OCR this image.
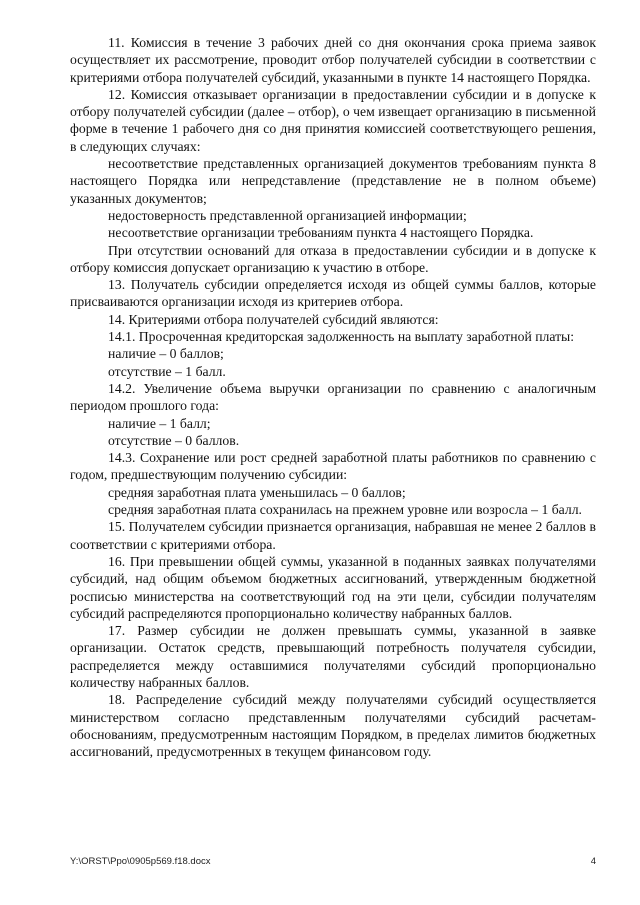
11. Комиссия в течение 3 рабочих дней со дня окончания срока приема заявок осуществляет их рассмотрение, проводит отбор получателей субсидии в соответствии с критериями отбора получателей субсидий, указанными в пункте 14 настоящего Порядка.

12. Комиссия отказывает организации в предоставлении субсидии и в допуске к отбору получателей субсидии (далее – отбор), о чем извещает организацию в письменной форме в течение 1 рабочего дня со дня принятия комиссией соответствующего решения, в следующих случаях:

несоответствие представленных организацией документов требованиям пункта 8 настоящего Порядка или непредставление (представление не в полном объеме) указанных документов;

недостоверность представленной организацией информации;

несоответствие организации требованиям пункта 4 настоящего Порядка.

При отсутствии оснований для отказа в предоставлении субсидии и в допуске к отбору комиссия допускает организацию к участию в отборе.

13. Получатель субсидии определяется исходя из общей суммы баллов, которые присваиваются организации исходя из критериев отбора.

14. Критериями отбора получателей субсидий являются:

14.1. Просроченная кредиторская задолженность на выплату заработной платы:

наличие – 0 баллов;

отсутствие – 1 балл.

14.2. Увеличение объема выручки организации по сравнению с аналогичным периодом прошлого года:

наличие – 1 балл;

отсутствие – 0 баллов.

14.3. Сохранение или рост средней заработной платы работников по сравнению с годом, предшествующим получению субсидии:

средняя заработная плата уменьшилась – 0 баллов;

средняя заработная плата сохранилась на прежнем уровне или возросла – 1 балл.

15. Получателем субсидии признается организация, набравшая не менее 2 баллов в соответствии с критериями отбора.

16. При превышении общей суммы, указанной в поданных заявках получателями субсидий, над общим объемом бюджетных ассигнований, утвержденным бюджетной росписью министерства на соответствующий год на эти цели, субсидии получателям субсидий распределяются пропорционально количеству набранных баллов.

17. Размер субсидии не должен превышать суммы, указанной в заявке организации. Остаток средств, превышающий потребность получателя субсидии, распределяется между оставшимися получателями субсидий пропорционально количеству набранных баллов.

18. Распределение субсидий между получателями субсидий осуществляется министерством согласно представленным получателями субсидий расчетам-обоснованиям, предусмотренным настоящим Порядком, в пределах лимитов бюджетных ассигнований, предусмотренных в текущем финансовом году.

Y:\ORST\Ppo\0905p569.f18.docx	4
